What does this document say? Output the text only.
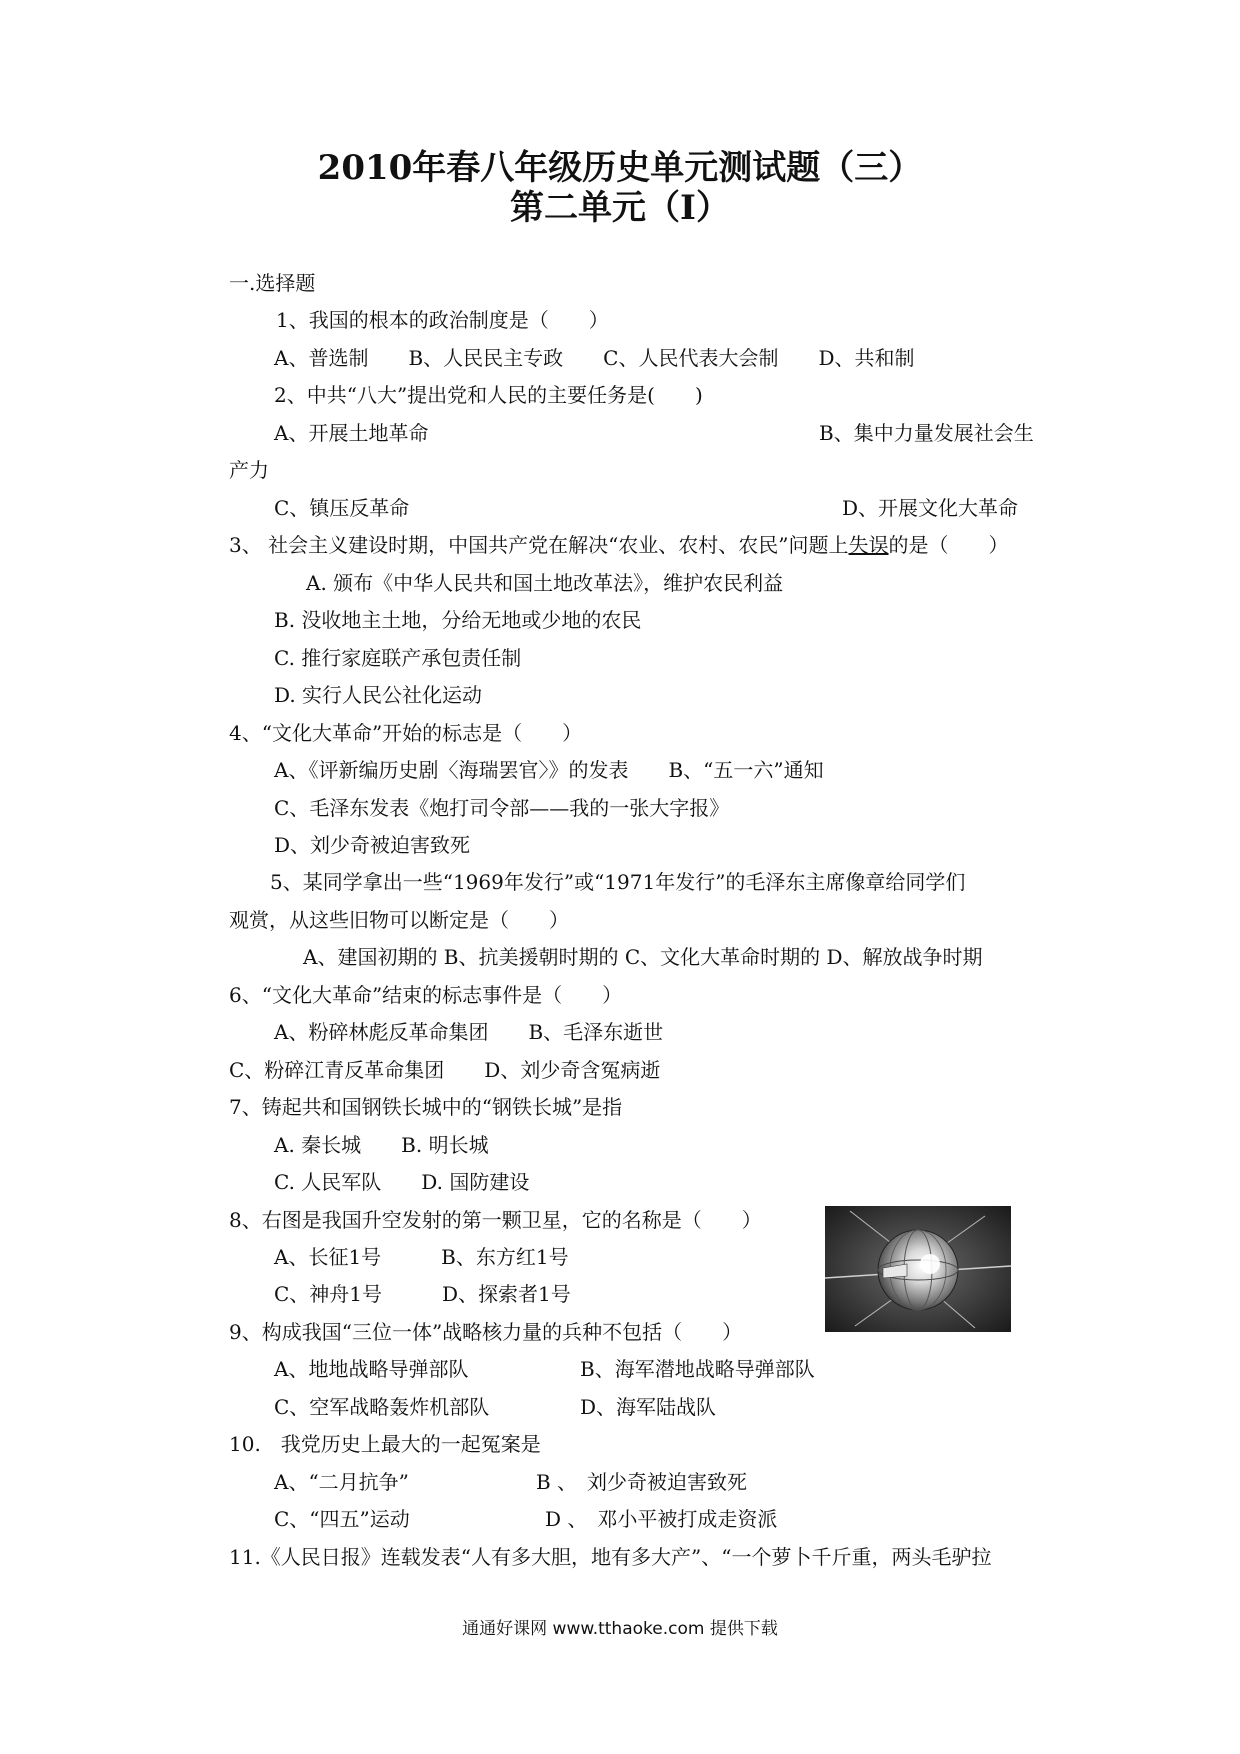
2010年春八年级历史单元测试题（三）
第二单元（Ⅰ）
一.选择题
1、我国的根本的政治制度是（　　）
A、普选制　　B、人民民主专政　　C、人民代表大会制　　D、共和制
2、中共“八大”提出党和人民的主要任务是(　　)
A、开展土地革命	B、集中力量发展社会生
产力
C、镇压反革命	D、开展文化大革命
3、 社会主义建设时期，中国共产党在解决“农业、农村、农民”问题上失误的是（　　）
A. 颁布《中华人民共和国土地改革法》，维护农民利益
B. 没收地主土地，分给无地或少地的农民
C. 推行家庭联产承包责任制
D. 实行人民公社化运动
4、“文化大革命”开始的标志是（　　）
A、《评新编历史剧〈海瑞罢官〉》的发表　　B、“五一六”通知
C、毛泽东发表《炮打司令部——我的一张大字报》
D、刘少奇被迫害致死
5、某同学拿出一些“1969年发行”或“1971年发行”的毛泽东主席像章给同学们
观赏，从这些旧物可以断定是（　　）
A、建国初期的 B、抗美援朝时期的 C、文化大革命时期的 D、解放战争时期
6、“文化大革命”结束的标志事件是（　　）
A、粉碎林彪反革命集团　　B、毛泽东逝世
C、粉碎江青反革命集团　　D、刘少奇含冤病逝
7、铸起共和国钢铁长城中的“钢铁长城”是指
A. 秦长城　　B. 明长城
C. 人民军队　　D. 国防建设
8、右图是我国升空发射的第一颗卫星，它的名称是（　　）
A、长征1号　　　B、东方红1号
C、神舟1号　　　D、探索者1号
9、构成我国“三位一体”战略核力量的兵种不包括（　　）
A、地地战略导弹部队	B、海军潜地战略导弹部队
C、空军战略轰炸机部队	D、海军陆战队
10.　我党历史上最大的一起冤案是
A、“二月抗争”	B 、　刘少奇被迫害致死
C、“四五”运动	D 、　邓小平被打成走资派
11.《人民日报》连载发表“人有多大胆，地有多大产”、“一个萝卜千斤重，两头毛驴拉
通通好课网 www.tthaoke.com 提供下载
